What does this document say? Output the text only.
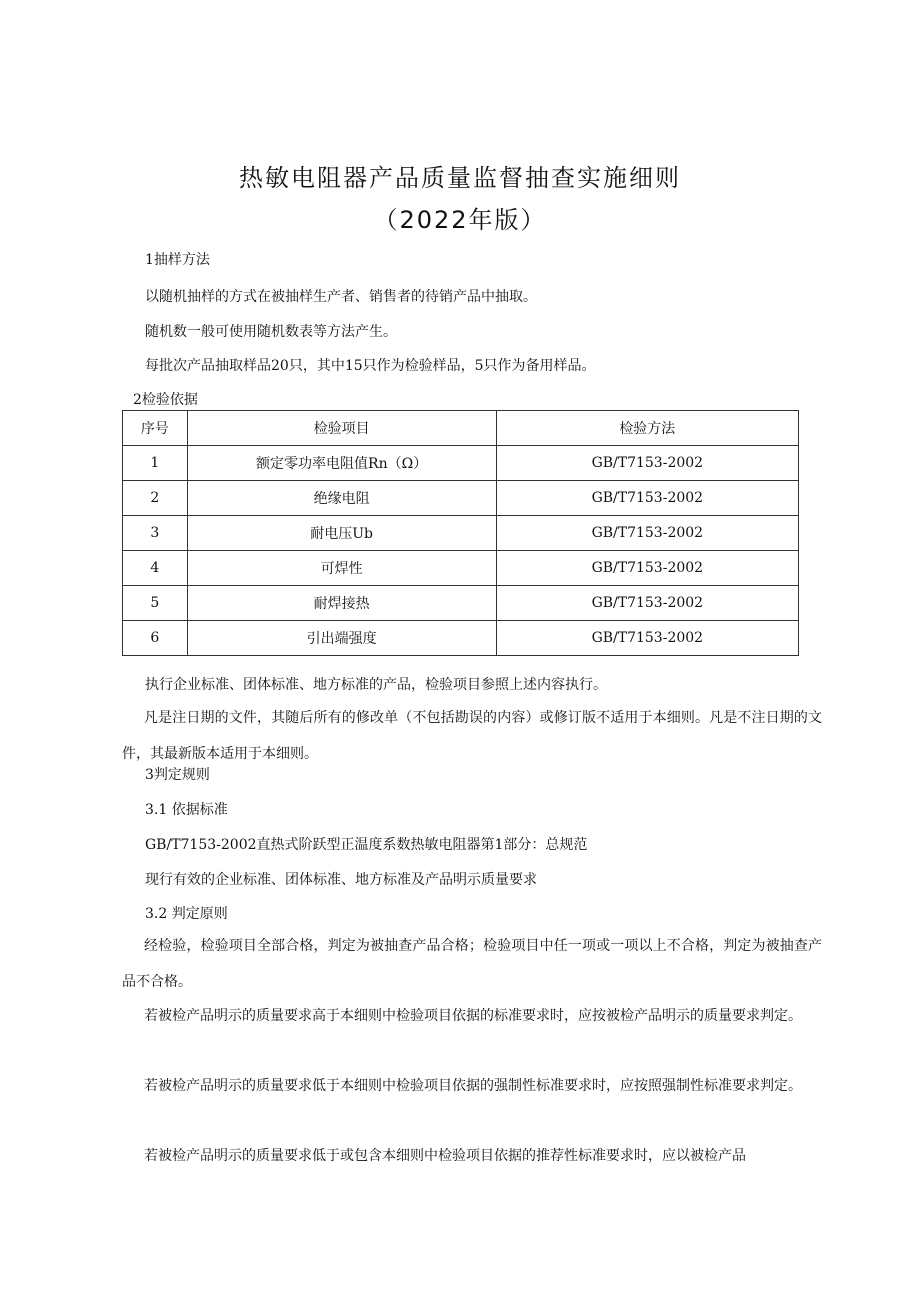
热敏电阻器产品质量监督抽查实施细则
（2022年版）
1抽样方法
以随机抽样的方式在被抽样生产者、销售者的待销产品中抽取。
随机数一般可使用随机数表等方法产生。
每批次产品抽取样品20只，其中15只作为检验样品，5只作为备用样品。
2检验依据
序号	检验项目	检验方法
1	额定零功率电阻值Rn（Ω）	GB/T7153-2002
2	绝缘电阻	GB/T7153-2002
3	耐电压Ub	GB/T7153-2002
4	可焊性	GB/T7153-2002
5	耐焊接热	GB/T7153-2002
6	引出端强度	GB/T7153-2002
执行企业标准、团体标准、地方标准的产品，检验项目参照上述内容执行。
凡是注日期的文件，其随后所有的修改单（不包括勘误的内容）或修订版不适用于本细则。凡是不注日期的文件，其最新版本适用于本细则。
3判定规则
3.1 依据标准
GB/T7153-2002直热式阶跃型正温度系数热敏电阻器第1部分：总规范
现行有效的企业标准、团体标准、地方标准及产品明示质量要求
3.2 判定原则
经检验，检验项目全部合格，判定为被抽查产品合格；检验项目中任一项或一项以上不合格，判定为被抽查产品不合格。
若被检产品明示的质量要求高于本细则中检验项目依据的标准要求时，应按被检产品明示的质量要求判定。
若被检产品明示的质量要求低于本细则中检验项目依据的强制性标准要求时，应按照强制性标准要求判定。
若被检产品明示的质量要求低于或包含本细则中检验项目依据的推荐性标准要求时，应以被检产品
